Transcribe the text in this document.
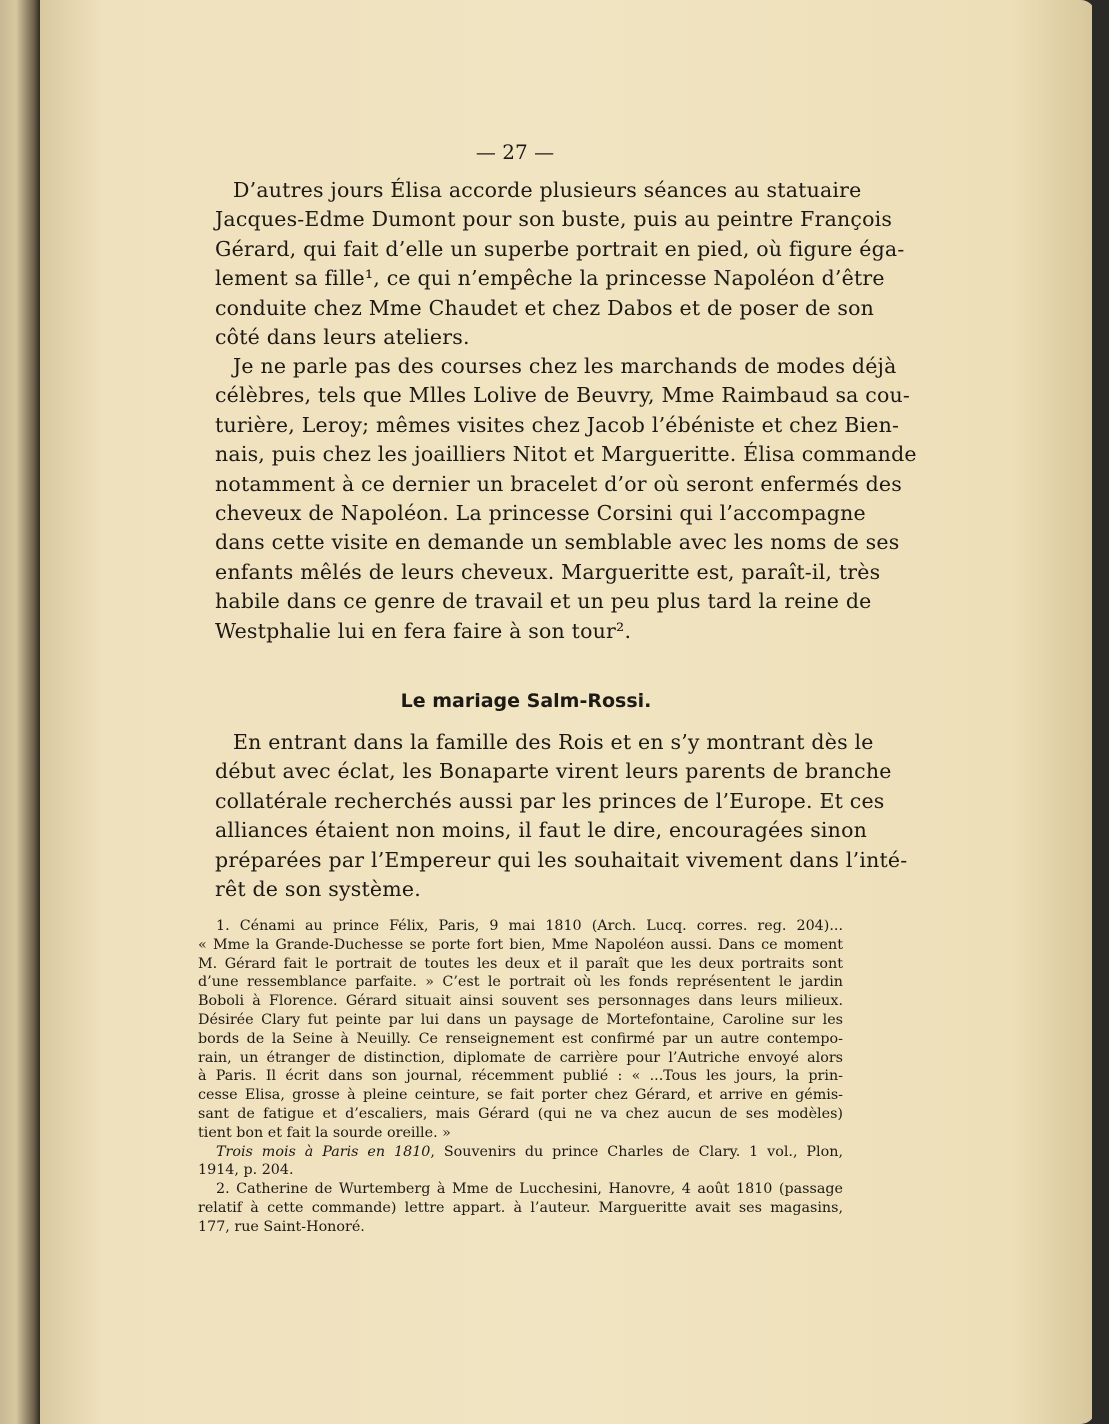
— 27 —
D’autres jours Élisa accorde plusieurs séances au statuaire
Jacques-Edme Dumont pour son buste, puis au peintre François
Gérard, qui fait d’elle un superbe portrait en pied, où figure éga-
lement sa fille¹, ce qui n’empêche la princesse Napoléon d’être
conduite chez Mme Chaudet et chez Dabos et de poser de son
côté dans leurs ateliers.
Je ne parle pas des courses chez les marchands de modes déjà
célèbres, tels que Mlles Lolive de Beuvry, Mme Raimbaud sa cou-
turière, Leroy; mêmes visites chez Jacob l’ébéniste et chez Bien-
nais, puis chez les joailliers Nitot et Margueritte. Élisa commande
notamment à ce dernier un bracelet d’or où seront enfermés des
cheveux de Napoléon. La princesse Corsini qui l’accompagne
dans cette visite en demande un semblable avec les noms de ses
enfants mêlés de leurs cheveux. Margueritte est, paraît-il, très
habile dans ce genre de travail et un peu plus tard la reine de
Westphalie lui en fera faire à son tour².
Le mariage Salm-Rossi.
En entrant dans la famille des Rois et en s’y montrant dès le
début avec éclat, les Bonaparte virent leurs parents de branche
collatérale recherchés aussi par les princes de l’Europe. Et ces
alliances étaient non moins, il faut le dire, encouragées sinon
préparées par l’Empereur qui les souhaitait vivement dans l’inté-
rêt de son système.
1. Cénami au prince Félix, Paris, 9 mai 1810 (Arch. Lucq. corres. reg. 204)...
« Mme la Grande-Duchesse se porte fort bien, Mme Napoléon aussi. Dans ce moment
M. Gérard fait le portrait de toutes les deux et il paraît que les deux portraits sont
d’une ressemblance parfaite. » C’est le portrait où les fonds représentent le jardin
Boboli à Florence. Gérard situait ainsi souvent ses personnages dans leurs milieux.
Désirée Clary fut peinte par lui dans un paysage de Mortefontaine, Caroline sur les
bords de la Seine à Neuilly. Ce renseignement est confirmé par un autre contempo-
rain, un étranger de distinction, diplomate de carrière pour l’Autriche envoyé alors
à Paris. Il écrit dans son journal, récemment publié : « ...Tous les jours, la prin-
cesse Elisa, grosse à pleine ceinture, se fait porter chez Gérard, et arrive en gémis-
sant de fatigue et d’escaliers, mais Gérard (qui ne va chez aucun de ses modèles)
tient bon et fait la sourde oreille. »
Trois mois à Paris en 1810, Souvenirs du prince Charles de Clary. 1 vol., Plon,
1914, p. 204.
2. Catherine de Wurtemberg à Mme de Lucchesini, Hanovre, 4 août 1810 (passage
relatif à cette commande) lettre appart. à l’auteur. Margueritte avait ses magasins,
177, rue Saint-Honoré.
